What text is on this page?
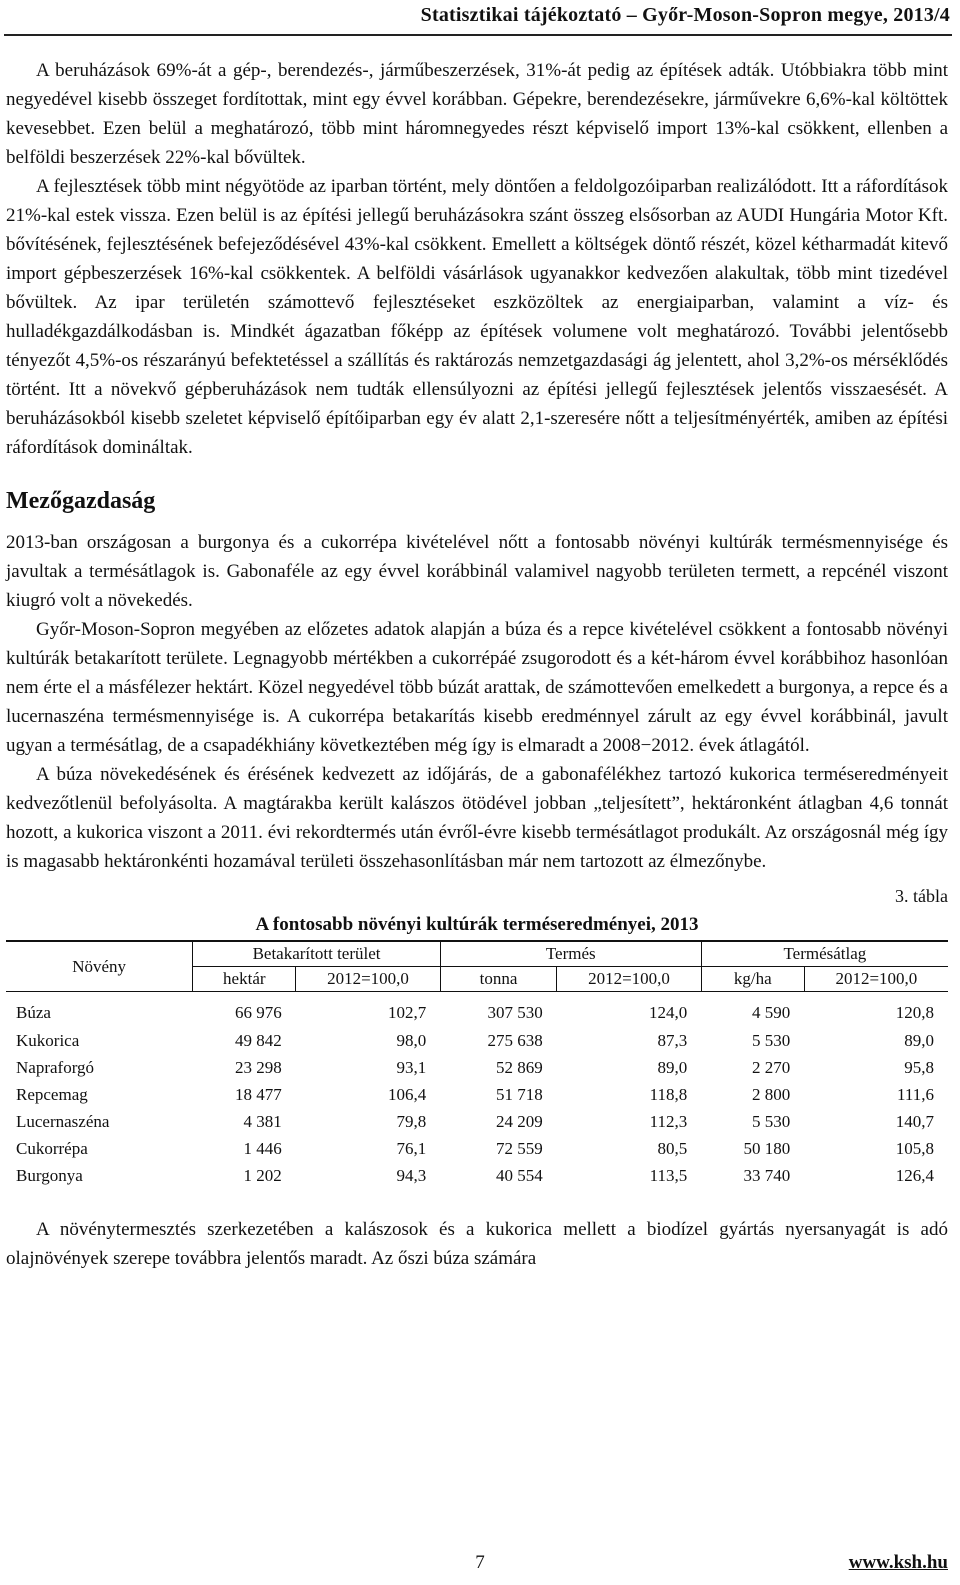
Statisztikai tájékoztató – Győr-Moson-Sopron megye, 2013/4

A beruházások 69%-át a gép-, berendezés-, járműbeszerzések, 31%-át pedig az építések adták. Utóbbiakra több mint negyedével kisebb összeget fordítottak, mint egy évvel korábban. Gépekre, berendezésekre, járművekre 6,6%-kal költöttek kevesebbet. Ezen belül a meghatározó, több mint háromnegyedes részt képviselő import 13%-kal csökkent, ellenben a belföldi beszerzések 22%-kal bővültek.

A fejlesztések több mint négyötöde az iparban történt, mely döntően a feldolgozóiparban realizálódott. Itt a ráfordítások 21%-kal estek vissza. Ezen belül is az építési jellegű beruházásokra szánt összeg elsősorban az AUDI Hungária Motor Kft. bővítésének, fejlesztésének befejeződésével 43%-kal csökkent. Emellett a költségek döntő részét, közel kétharmadát kitevő import gépbeszerzések 16%-kal csökkentek. A belföldi vásárlások ugyanakkor kedvezően alakultak, több mint tizedével bővültek. Az ipar területén számottevő fejlesztéseket eszközöltek az energiaiparban, valamint a víz- és hulladékgazdálkodásban is. Mindkét ágazatban főképp az építések volumene volt meghatározó. További jelentősebb tényezőt 4,5%-os részarányú befektetéssel a szállítás és raktározás nemzetgazdasági ág jelentett, ahol 3,2%-os mérséklődés történt. Itt a növekvő gépberuházások nem tudták ellensúlyozni az építési jellegű fejlesztések jelentős visszaesését. A beruházásokból kisebb szeletet képviselő építőiparban egy év alatt 2,1-szeresére nőtt a teljesítményérték, amiben az építési ráfordítások domináltak.

Mezőgazdaság

2013-ban országosan a burgonya és a cukorrépa kivételével nőtt a fontosabb növényi kultúrák termésmennyisége és javultak a termésátlagok is. Gabonaféle az egy évvel korábbinál valamivel nagyobb területen termett, a repcénél viszont kiugró volt a növekedés.

Győr-Moson-Sopron megyében az előzetes adatok alapján a búza és a repce kivételével csökkent a fontosabb növényi kultúrák betakarított területe. Legnagyobb mértékben a cukorrépáé zsugorodott és a két-három évvel korábbihoz hasonlóan nem érte el a másfélezer hektárt. Közel negyedével több búzát arattak, de számottevően emelkedett a burgonya, a repce és a lucernaszéna termésmennyisége is. A cukorrépa betakarítás kisebb eredménnyel zárult az egy évvel korábbinál, javult ugyan a termésátlag, de a csapadékhiány következtében még így is elmaradt a 2008−2012. évek átlagától.

A búza növekedésének és érésének kedvezett az időjárás, de a gabonafélékhez tartozó kukorica terméseredményeit kedvezőtlenül befolyásolta. A magtárakba került kalászos ötödével jobban „teljesített”, hektáronként átlagban 4,6 tonnát hozott, a kukorica viszont a 2011. évi rekordtermés után évről-évre kisebb termésátlagot produkált. Az országosnál még így is magasabb hektáronkénti hozamával területi összehasonlításban már nem tartozott az élmezőnybe.

3. tábla
A fontosabb növényi kultúrák terméseredményei, 2013
Növény	Betakarított terület		Termés		Termésátlag	
	hektár	2012=100,0	tonna	2012=100,0	kg/ha	2012=100,0
Búza	66 976	102,7	307 530	124,0	4 590	120,8
Kukorica	49 842	98,0	275 638	87,3	5 530	89,0
Napraforgó	23 298	93,1	52 869	89,0	2 270	95,8
Repcemag	18 477	106,4	51 718	118,8	2 800	111,6
Lucernaszéna	4 381	79,8	24 209	112,3	5 530	140,7
Cukorrépa	1 446	76,1	72 559	80,5	50 180	105,8
Burgonya	1 202	94,3	40 554	113,5	33 740	126,4

A növénytermesztés szerkezetében a kalászosok és a kukorica mellett a biodízel gyártás nyersanyagát is adó olajnövények szerepe továbbra jelentős maradt. Az őszi búza számára

7	www.ksh.hu
